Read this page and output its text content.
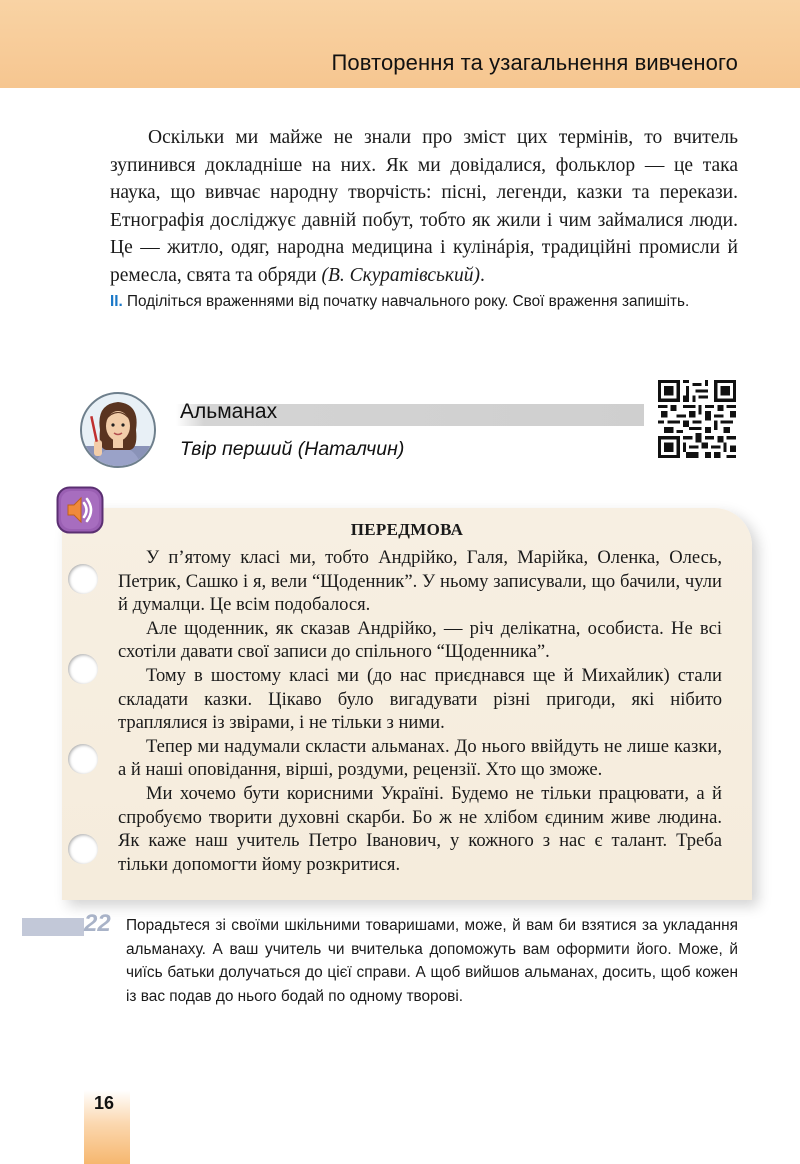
Повторення та узагальнення вивченого

Оскільки ми майже не знали про зміст цих термінів, то вчитель зупинився докладніше на них. Як ми довідалися, фольклор — це така наука, що вивчає народну творчість: пісні, легенди, казки та перекази. Етнографія досліджує давній побут, тобто як жили і чим займалися люди. Це — житло, одяг, народна медицина і кулінáрія, традиційні промисли й ремесла, свята та обряди (В. Скуратівський).

II. Поділіться враженнями від початку навчального року. Свої враження запишіть.

Альманах
Твір перший (Наталчин)
ПЕРЕДМОВА

У п’ятому класі ми, тобто Андрійко, Галя, Марійка, Оленка, Олесь, Петрик, Сашко і я, вели “Щоденник”. У ньому записували, що бачили, чули й думалци. Це всім подобалося.

Але щоденник, як сказав Андрійко, — річ делікатна, особиста. Не всі схотіли давати свої записи до спільного “Щоденника”.

Тому в шостому класі ми (до нас приєднався ще й Михайлик) стали складати казки. Цікаво було вигадувати різні пригоди, які нібито траплялися із звірами, і не тільки з ними.

Тепер ми надумали скласти альманах. До нього ввійдуть не лише казки, а й наші оповідання, вірші, роздуми, рецензії. Хто що зможе.

Ми хочемо бути корисними Україні. Будемо не тільки працювати, а й спробуємо творити духовні скарби. Бо ж не хлібом єдиним живе людина. Як каже наш учитель Петро Іванович, у кожного з нас є талант. Треба тільки допомогти йому розкритися.

22 Порадьтеся зі своїми шкільними товаришами, може, й вам би взятися за укладання альманаху. А ваш учитель чи вчителька допоможуть вам оформити його. Може, й чиїсь батьки долучаться до цієї справи. А щоб вийшов альманах, досить, щоб кожен із вас подав до нього бодай по одному творові.

16
